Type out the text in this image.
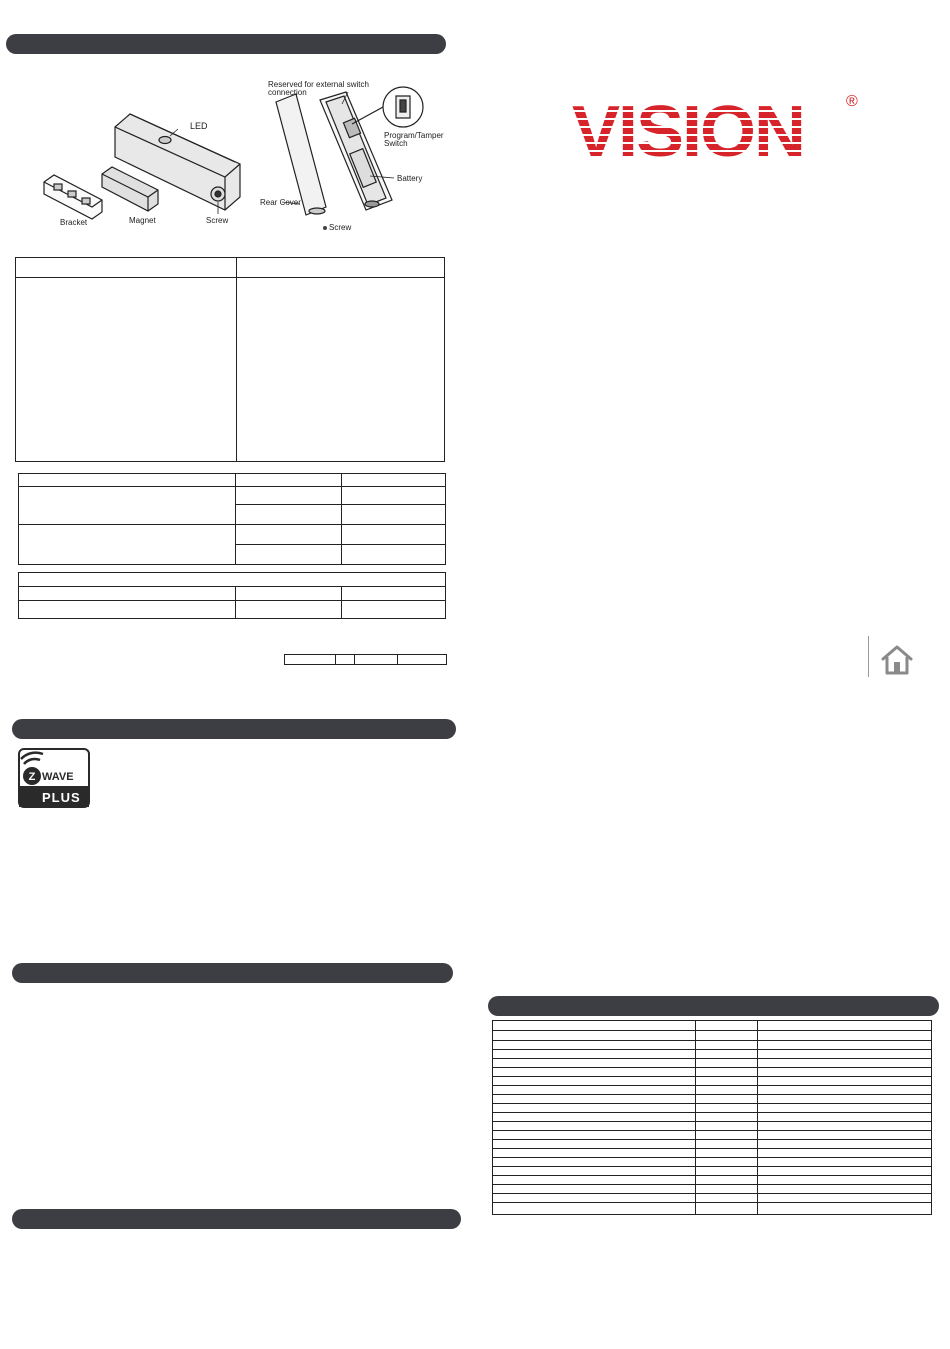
LED
Bracket	Magnet	Screw
Reserved for external switch
connection
Program/Tamper
Switch
Battery
Rear Cover
Screw

Z WAVE
PLUS
VISION	®
